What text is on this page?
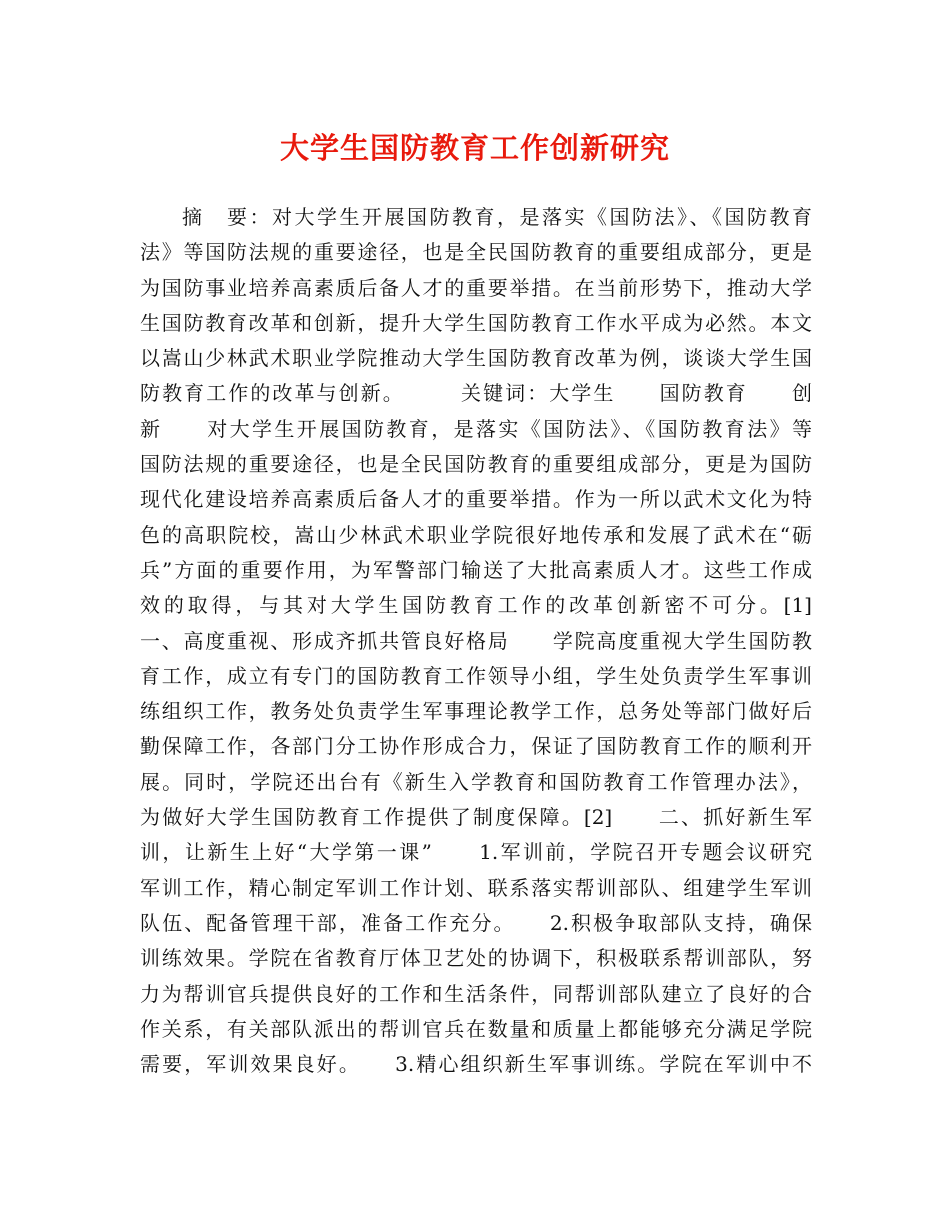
大学生国防教育工作创新研究
摘　要：对大学生开展国防教育，是落实《国防法》、《国防教育
法》等国防法规的重要途径，也是全民国防教育的重要组成部分，更是
为国防事业培养高素质后备人才的重要举措。在当前形势下，推动大学
生国防教育改革和创新，提升大学生国防教育工作水平成为必然。本文
以嵩山少林武术职业学院推动大学生国防教育改革为例，谈谈大学生国
防教育工作的改革与创新。　　　关键词：大学生　　国防教育　　创
新　　对大学生开展国防教育，是落实《国防法》、《国防教育法》等
国防法规的重要途径，也是全民国防教育的重要组成部分，更是为国防
现代化建设培养高素质后备人才的重要举措。作为一所以武术文化为特
色的高职院校，嵩山少林武术职业学院很好地传承和发展了武术在“砺
兵”方面的重要作用，为军警部门输送了大批高素质人才。这些工作成
效的取得，与其对大学生国防教育工作的改革创新密不可分。[1]
一、高度重视、形成齐抓共管良好格局　　学院高度重视大学生国防教
育工作，成立有专门的国防教育工作领导小组，学生处负责学生军事训
练组织工作，教务处负责学生军事理论教学工作，总务处等部门做好后
勤保障工作，各部门分工协作形成合力，保证了国防教育工作的顺利开
展。同时，学院还出台有《新生入学教育和国防教育工作管理办法》，
为做好大学生国防教育工作提供了制度保障。[2]　　二、抓好新生军
训，让新生上好“大学第一课”　　1.军训前，学院召开专题会议研究
军训工作，精心制定军训工作计划、联系落实帮训部队、组建学生军训
队伍、配备管理干部，准备工作充分。　　2.积极争取部队支持，确保
训练效果。学院在省教育厅体卫艺处的协调下，积极联系帮训部队，努
力为帮训官兵提供良好的工作和生活条件，同帮训部队建立了良好的合
作关系，有关部队派出的帮训官兵在数量和质量上都能够充分满足学院
需要，军训效果良好。　　3.精心组织新生军事训练。学院在军训中不
